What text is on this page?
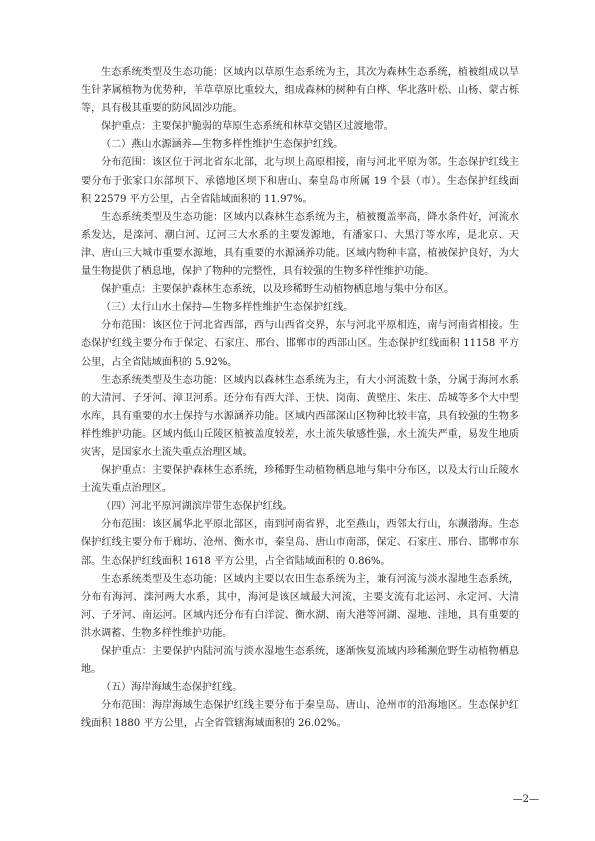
生态系统类型及生态功能：区域内以草原生态系统为主，其次为森林生态系统，植被组成以旱生针茅属植物为优势种，羊草草原比重较大，组成森林的树种有白桦、华北落叶松、山杨、蒙古栎等，具有极其重要的防风固沙功能。

保护重点：主要保护脆弱的草原生态系统和林草交错区过渡地带。

（二）燕山水源涵养—生物多样性维护生态保护红线。

分布范围：该区位于河北省东北部，北与坝上高原相接，南与河北平原为邻。生态保护红线主要分布于张家口东部坝下、承德地区坝下和唐山、秦皇岛市所属 19 个县（市）。生态保护红线面积 22579 平方公里，占全省陆域面积的 11.97%。

生态系统类型及生态功能：区域内以森林生态系统为主，植被覆盖率高，降水条件好，河流水系发达，是滦河、潮白河、辽河三大水系的主要发源地，有潘家口、大黑汀等水库，是北京、天津、唐山三大城市重要水源地，具有重要的水源涵养功能。区域内物种丰富，植被保护良好，为大量生物提供了栖息地，保护了物种的完整性，具有较强的生物多样性维护功能。

保护重点：主要保护森林生态系统，以及珍稀野生动植物栖息地与集中分布区。

（三）太行山水土保持—生物多样性维护生态保护红线。

分布范围：该区位于河北省西部，西与山西省交界，东与河北平原相连，南与河南省相接。生态保护红线主要分布于保定、石家庄、邢台、邯郸市的西部山区。生态保护红线面积 11158 平方公里，占全省陆域面积的 5.92%。

生态系统类型及生态功能：区域内以森林生态系统为主，有大小河流数十条，分属于海河水系的大清河、子牙河、漳卫河系。还分布有西大洋、王快、岗南、黄壁庄、朱庄、岳城等多个大中型水库，具有重要的水土保持与水源涵养功能。区域内西部深山区物种比较丰富，具有较强的生物多样性维护功能。区域内低山丘陵区植被盖度较差，水土流失敏感性强，水土流失严重，易发生地质灾害，是国家水土流失重点治理区域。

保护重点：主要保护森林生态系统，珍稀野生动植物栖息地与集中分布区，以及太行山丘陵水土流失重点治理区。

（四）河北平原河湖滨岸带生态保护红线。

分布范围：该区属华北平原北部区，南到河南省界，北至燕山，西邻太行山，东濒渤海。生态保护红线主要分布于廊坊、沧州、衡水市，秦皇岛、唐山市南部，保定、石家庄、邢台、邯郸市东部。生态保护红线面积 1618 平方公里，占全省陆域面积的 0.86%。

生态系统类型及生态功能：区域内主要以农田生态系统为主，兼有河流与淡水湿地生态系统，分布有海河、滦河两大水系，其中，海河是该区域最大河流，主要支流有北运河、永定河、大清河、子牙河、南运河。区域内还分布有白洋淀、衡水湖、南大港等河湖、湿地、洼地，具有重要的洪水调蓄、生物多样性维护功能。

保护重点：主要保护内陆河流与淡水湿地生态系统，逐渐恢复流域内珍稀濒危野生动植物栖息地。

（五）海岸海域生态保护红线。

分布范围：海岸海域生态保护红线主要分布于秦皇岛、唐山、沧州市的沿海地区。生态保护红线面积 1880 平方公里，占全省管辖海域面积的 26.02%。

—2—
